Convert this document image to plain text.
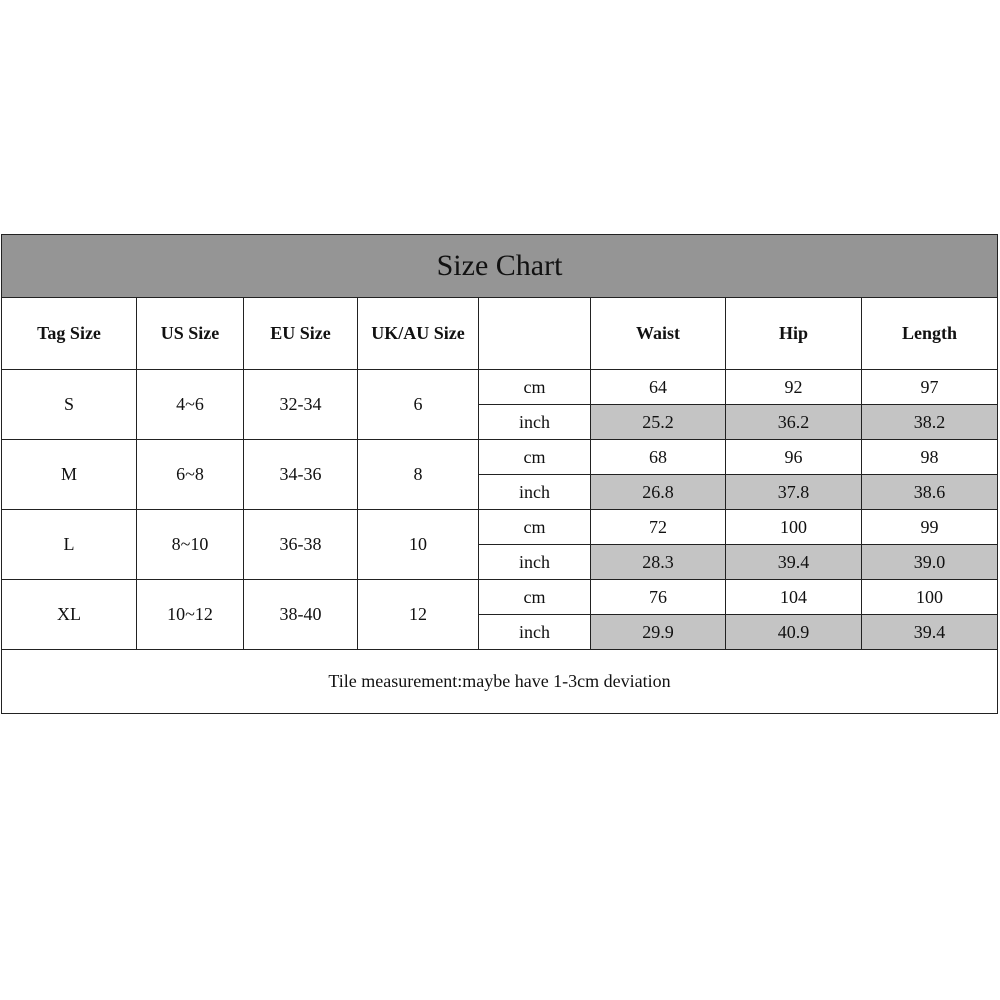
Size Chart							
Tag Size	US Size	EU Size	UK/AU Size		Waist	Hip	Length
S	4~6	32-34	6	cm	64	92	97
				inch	25.2	36.2	38.2
M	6~8	34-36	8	cm	68	96	98
				inch	26.8	37.8	38.6
L	8~10	36-38	10	cm	72	100	99
				inch	28.3	39.4	39.0
XL	10~12	38-40	12	cm	76	104	100
				inch	29.9	40.9	39.4
Tile measurement:maybe have 1-3cm deviation							
